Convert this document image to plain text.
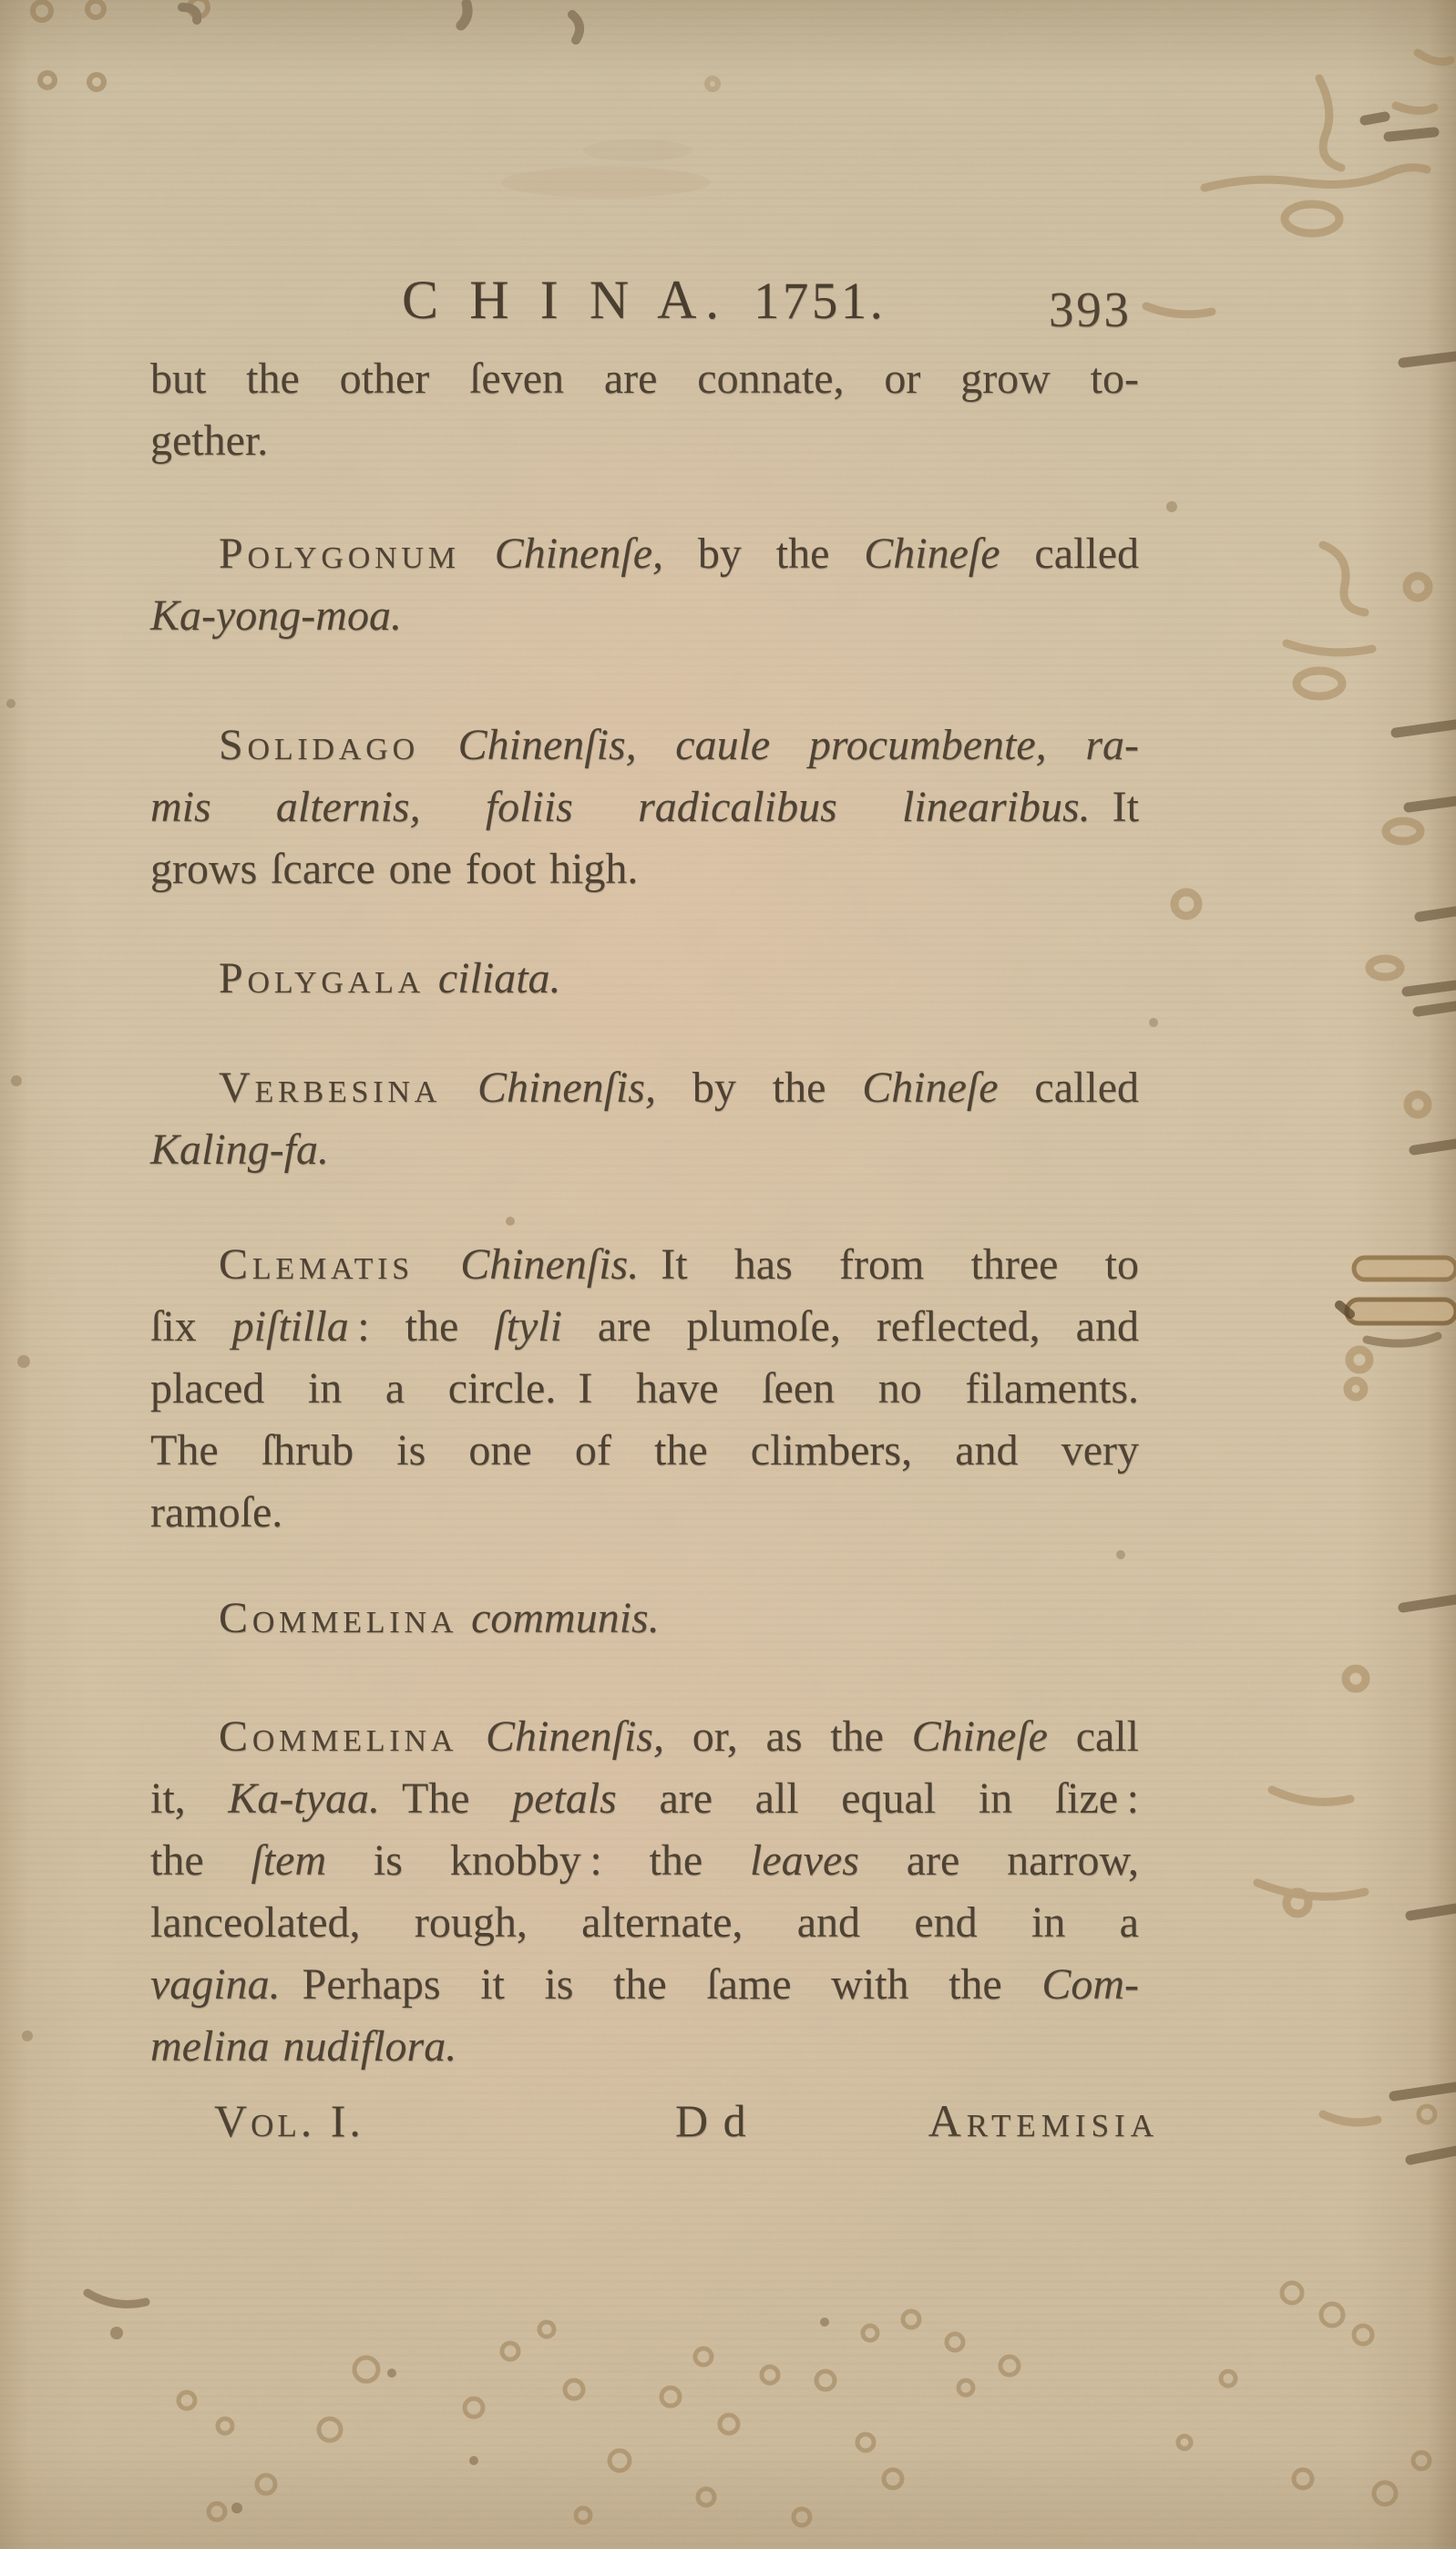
C H I N A. 1751.	393
but the other ſeven are connate, or grow to-
gether.
Polygonum Chinenſe, by the Chineſe called
Ka-yong-moa.
Solidago Chinenſis, caule procumbente, ra-
mis alternis, foliis radicalibus linearibus. It
grows ſcarce one foot high.
Polygala ciliata.
Verbesina Chinenſis, by the Chineſe called
Kaling-fa.
Clematis Chinenſis. It has from three to
ſix piſtilla : the ſtyli are plumoſe, reflected, and
placed in a circle. I have ſeen no filaments.
The ſhrub is one of the climbers, and very
ramoſe.
Commelina communis.
Commelina Chinenſis, or, as the Chineſe call
it, Ka-tyaa. The petals are all equal in ſize :
the ſtem is knobby : the leaves are narrow,
lanceolated, rough, alternate, and end in a
vagina. Perhaps it is the ſame with the Com-
melina nudiflora.
Vol. I.	D d	Artemisia
